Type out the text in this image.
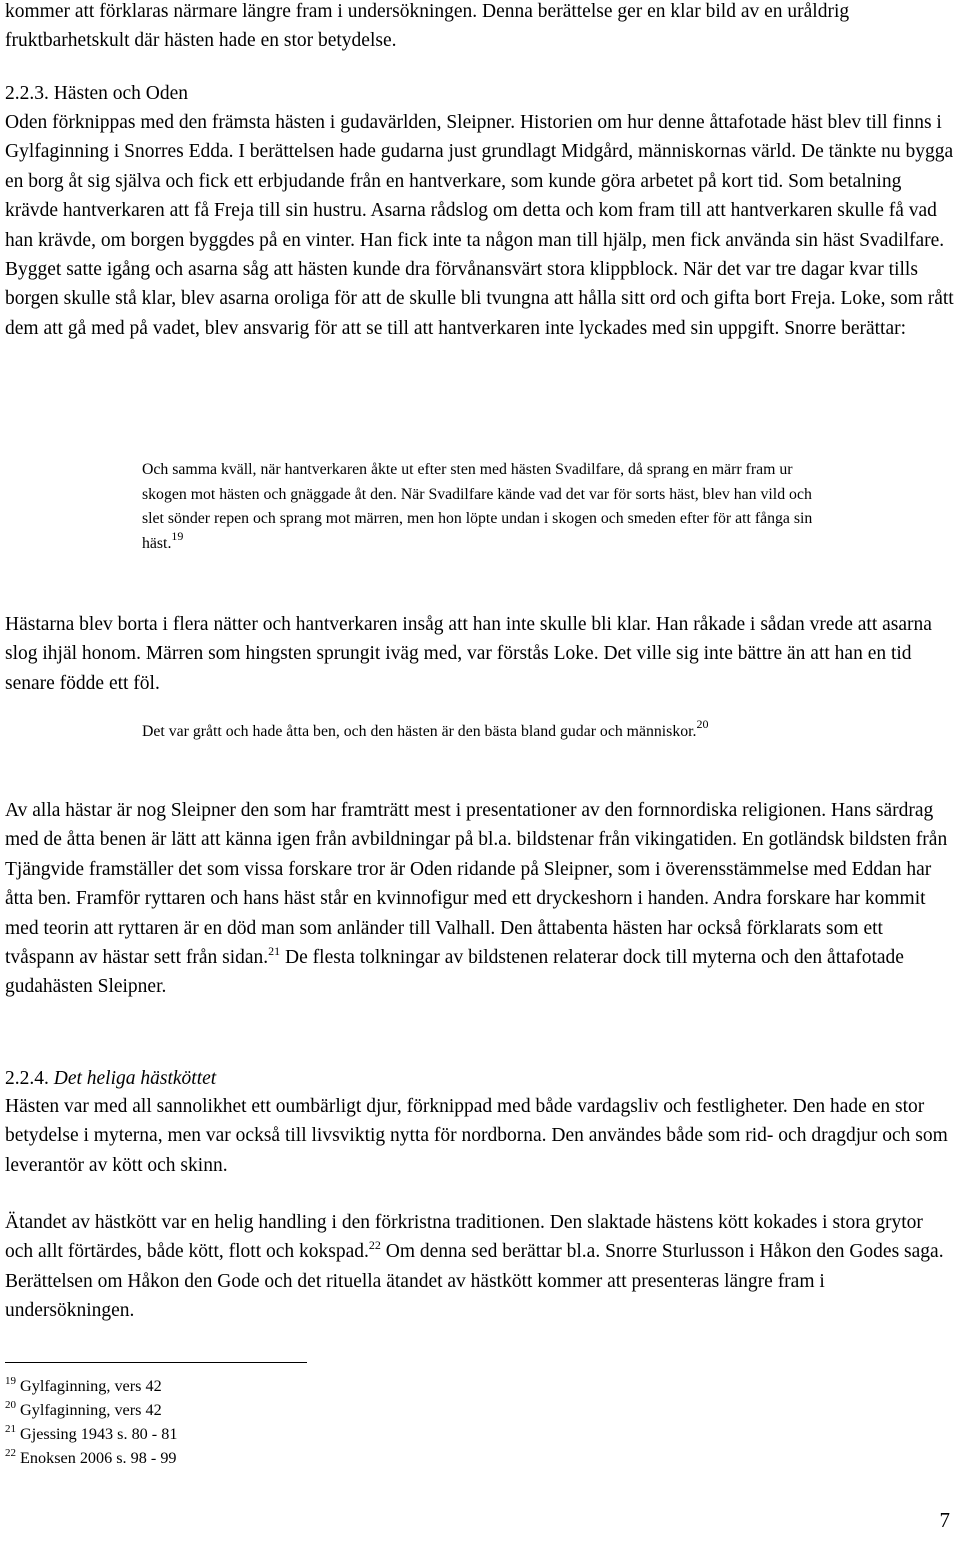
kommer att förklaras närmare längre fram i undersökningen. Denna berättelse ger en klar bild av en uråldrig fruktbarhetskult där hästen hade en stor betydelse.

2.2.3. Hästen och Oden

Oden förknippas med den främsta hästen i gudavärlden, Sleipner. Historien om hur denne åttafotade häst blev till finns i Gylfaginning i Snorres Edda. I berättelsen hade gudarna just grundlagt Midgård, människornas värld. De tänkte nu bygga en borg åt sig själva och fick ett erbjudande från en hantverkare, som kunde göra arbetet på kort tid. Som betalning krävde hantverkaren att få Freja till sin hustru. Asarna rådslog om detta och kom fram till att hantverkaren skulle få vad han krävde, om borgen byggdes på en vinter. Han fick inte ta någon man till hjälp, men fick använda sin häst Svadilfare. Bygget satte igång och asarna såg att hästen kunde dra förvånansvärt stora klippblock. När det var tre dagar kvar tills borgen skulle stå klar, blev asarna oroliga för att de skulle bli tvungna att hålla sitt ord och gifta bort Freja. Loke, som rått dem att gå med på vadet, blev ansvarig för att se till att hantverkaren inte lyckades med sin uppgift. Snorre berättar:

Och samma kväll, när hantverkaren åkte ut efter sten med hästen Svadilfare, då sprang en märr fram ur skogen mot hästen och gnäggade åt den. När Svadilfare kände vad det var för sorts häst, blev han vild och slet sönder repen och sprang mot märren, men hon löpte undan i skogen och smeden efter för att fånga sin häst.$^{19}$

Hästarna blev borta i flera nätter och hantverkaren insåg att han inte skulle bli klar. Han råkade i sådan vrede att asarna slog ihjäl honom. Märren som hingsten sprungit iväg med, var förstås Loke. Det ville sig inte bättre än att han en tid senare födde ett föl.

Det var grått och hade åtta ben, och den hästen är den bästa bland gudar och människor.$^{20}$

Av alla hästar är nog Sleipner den som har framträtt mest i presentationer av den fornnordiska religionen. Hans särdrag med de åtta benen är lätt att känna igen från avbildningar på bl.a. bildstenar från vikingatiden. En gotländsk bildsten från Tjängvide framställer det som vissa forskare tror är Oden ridande på Sleipner, som i överensstämmelse med Eddan har åtta ben. Framför ryttaren och hans häst står en kvinnofigur med ett dryckeshorn i handen. Andra forskare har kommit med teorin att ryttaren är en död man som anländer till Valhall. Den åttabenta hästen har också förklarats som ett tvåspann av hästar sett från sidan.$^{21}$ De flesta tolkningar av bildstenen relaterar dock till myterna och den åttafotade gudahästen Sleipner.

2.2.4. Det heliga hästköttet

Hästen var med all sannolikhet ett oumbärligt djur, förknippad med både vardagsliv och festligheter. Den hade en stor betydelse i myterna, men var också till livsviktig nytta för nordborna. Den användes både som rid- och dragdjur och som leverantör av kött och skinn.

Ätandet av hästkött var en helig handling i den förkristna traditionen. Den slaktade hästens kött kokades i stora grytor och allt förtärdes, både kött, flott och kokspad.$^{22}$ Om denna sed berättar bl.a. Snorre Sturlusson i Håkon den Godes saga. Berättelsen om Håkon den Gode och det rituella ätandet av hästkött kommer att presenteras längre fram i undersökningen.

$^{19}$ Gylfaginning, vers 42
$^{20}$ Gylfaginning, vers 42
$^{21}$ Gjessing 1943 s. 80 - 81
$^{22}$ Enoksen 2006 s. 98 - 99
7
